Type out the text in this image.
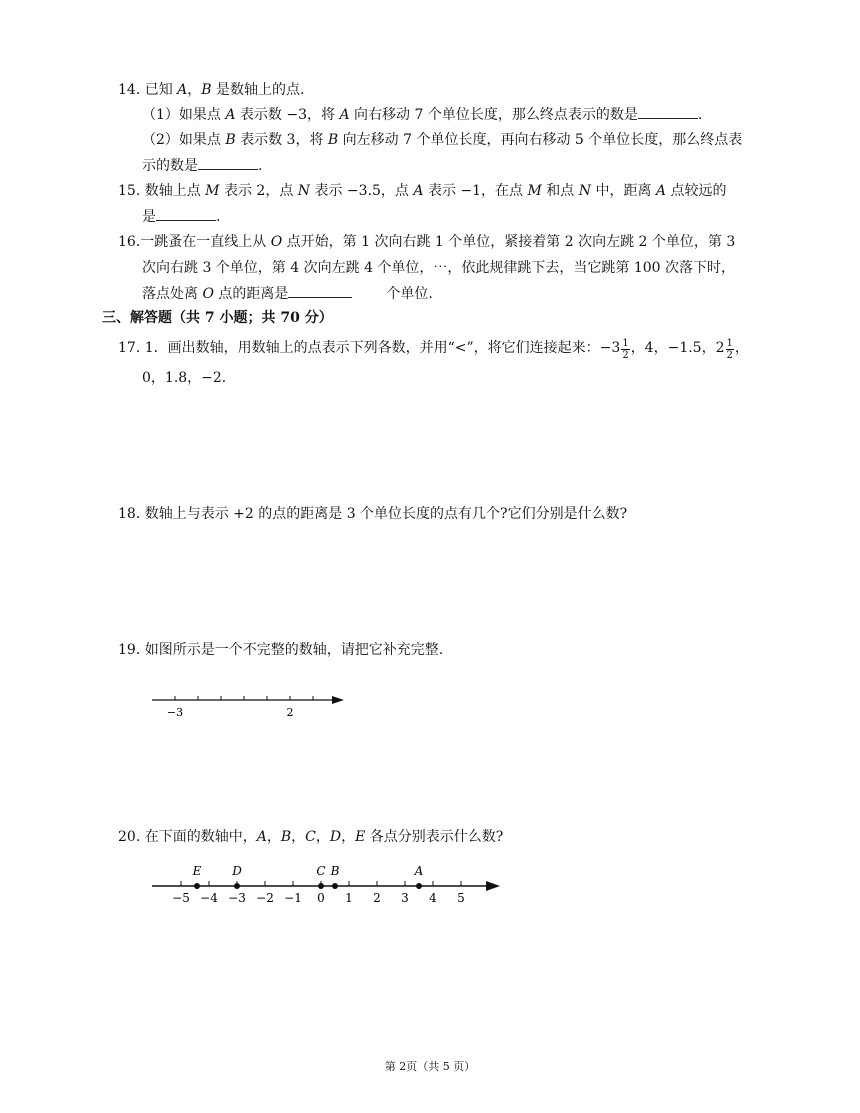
14. 已知 A，B 是数轴上的点.
（1）如果点 A 表示数 −3，将 A 向右移动 7 个单位长度，那么终点表示的数是	.
（2）如果点 B 表示数 3，将 B 向左移动 7 个单位长度，再向右移动 5 个单位长度，那么终点表
示的数是	.
15. 数轴上点 M 表示 2，点 N 表示 −3.5，点 A 表示 −1，在点 M 和点 N 中，距离 A 点较远的
是	.
16.一跳蚤在一直线上从 O 点开始，第 1 次向右跳 1 个单位，紧接着第 2 次向左跳 2 个单位，第 3
次向右跳 3 个单位，第 4 次向左跳 4 个单位，⋯，依此规律跳下去，当它跳第 100 次落下时，
落点处离 O 点的距离是	个单位.
三、解答题（共 7 小题；共 70 分）
17. 1．画出数轴，用数轴上的点表示下列各数，并用“<”，将它们连接起来：$-3 \frac{1}{2}$ ，4，−1.5，$2 \frac{1}{2}$ ，
0，1.8，−2．
18. 数轴上与表示 +2 的点的距离是 3 个单位长度的点有几个?它们分别是什么数?
19. 如图所示是一个不完整的数轴，请把它补充完整.
−3	2
20. 在下面的数轴中，A，B，C，D，E 各点分别表示什么数?
−5 −4 −3 −2 −1 0 1 2 3 4 5
E	D	C B	A
第 2页（共 5 页）
